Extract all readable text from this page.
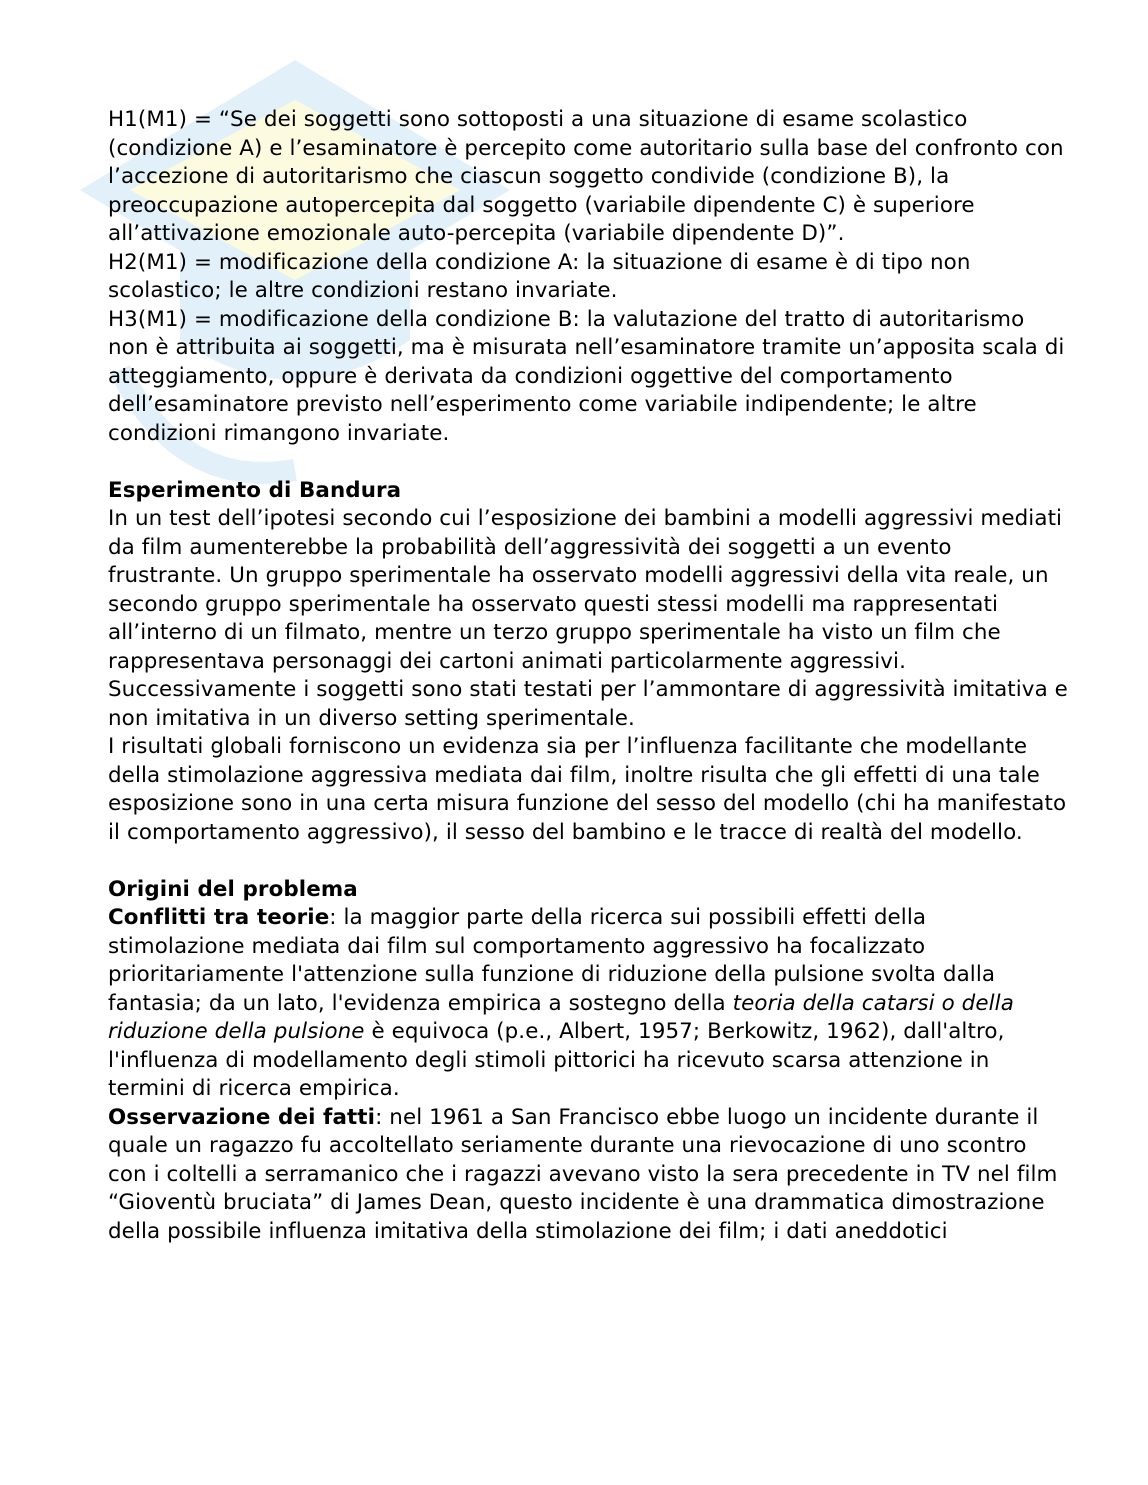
H1(M1) = “Se dei soggetti sono sottoposti a una situazione di esame scolastico (condizione A) e l’esaminatore è percepito come autoritario sulla base del confronto con l’accezione di autoritarismo che ciascun soggetto condivide (condizione B), la preoccupazione autopercepita dal soggetto (variabile dipendente C) è superiore all’attivazione emozionale auto-percepita (variabile dipendente D)”.

H2(M1) = modificazione della condizione A: la situazione di esame è di tipo non scolastico; le altre condizioni restano invariate.

H3(M1) = modificazione della condizione B: la valutazione del tratto di autoritarismo non è attribuita ai soggetti, ma è misurata nell’esaminatore tramite un’apposita scala di atteggiamento, oppure è derivata da condizioni oggettive del comportamento dell’esaminatore previsto nell’esperimento come variabile indipendente; le altre condizioni rimangono invariate.

Esperimento di Bandura

In un test dell’ipotesi secondo cui l’esposizione dei bambini a modelli aggressivi mediati da film aumenterebbe la probabilità dell’aggressività dei soggetti a un evento frustrante. Un gruppo sperimentale ha osservato modelli aggressivi della vita reale, un secondo gruppo sperimentale ha osservato questi stessi modelli ma rappresentati all’interno di un filmato, mentre un terzo gruppo sperimentale ha visto un film che rappresentava personaggi dei cartoni animati particolarmente aggressivi.

Successivamente i soggetti sono stati testati per l’ammontare di aggressività imitativa e non imitativa in un diverso setting sperimentale.

I risultati globali forniscono un evidenza sia per l’influenza facilitante che modellante della stimolazione aggressiva mediata dai film, inoltre risulta che gli effetti di una tale esposizione sono in una certa misura funzione del sesso del modello (chi ha manifestato il comportamento aggressivo), il sesso del bambino e le tracce di realtà del modello.

Origini del problema

Conflitti tra teorie: la maggior parte della ricerca sui possibili effetti della stimolazione mediata dai film sul comportamento aggressivo ha focalizzato prioritariamente l'attenzione sulla funzione di riduzione della pulsione svolta dalla fantasia; da un lato, l'evidenza empirica a sostegno della teoria della catarsi o della riduzione della pulsione è equivoca (p.e., Albert, 1957; Berkowitz, 1962), dall'altro, l'influenza di modellamento degli stimoli pittorici ha ricevuto scarsa attenzione in termini di ricerca empirica.

Osservazione dei fatti: nel 1961 a San Francisco ebbe luogo un incidente durante il quale un ragazzo fu accoltellato seriamente durante una rievocazione di uno scontro con i coltelli a serramanico che i ragazzi avevano visto la sera precedente in TV nel film “Gioventù bruciata” di James Dean, questo incidente è una drammatica dimostrazione della possibile influenza imitativa della stimolazione dei film; i dati aneddotici
